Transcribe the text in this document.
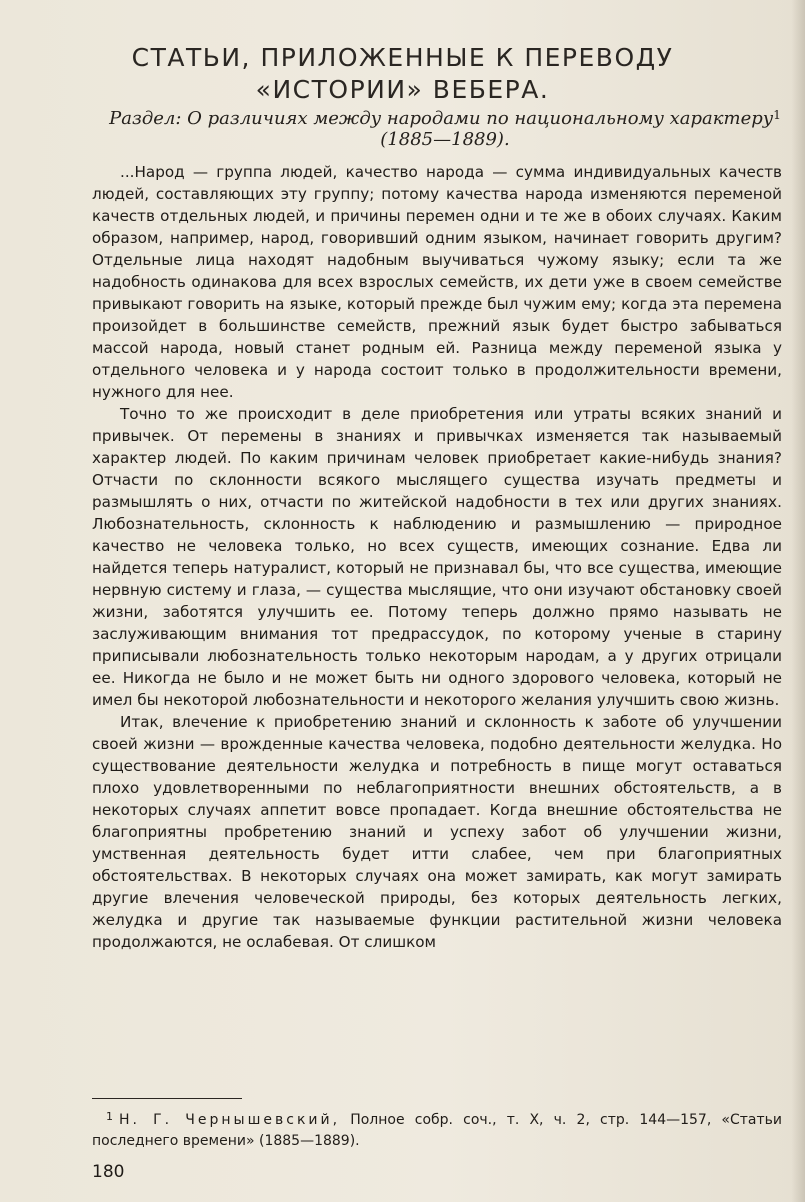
СТАТЬИ, ПРИЛОЖЕННЫЕ К ПЕРЕВОДУ
«ИСТОРИИ» ВЕБЕРА.
Раздел: О различиях между народами по национальному характеру$^1$
(1885—1889).

...Народ — группа людей, качество народа — сумма индивидуальных качеств людей, составляющих эту группу; потому качества народа изменяются переменой качеств отдельных людей, и причины перемен одни и те же в обоих случаях. Каким образом, например, народ, говоривший одним языком, начинает говорить другим? Отдельные лица находят надобным выучиваться чужому языку; если та же надобность одинакова для всех взрослых семейств, их дети уже в своем семействе привыкают говорить на языке, который прежде был чужим ему; когда эта перемена произойдет в большинстве семейств, прежний язык будет быстро забываться массой народа, новый станет родным ей. Разница между переменой языка у отдельного человека и у народа состоит только в продолжительности времени, нужного для нее.

Точно то же происходит в деле приобретения или утраты всяких знаний и привычек. От перемены в знаниях и привычках изменяется так называемый характер людей. По каким причинам человек приобретает какие-нибудь знания? Отчасти по склонности всякого мыслящего существа изучать предметы и размышлять о них, отчасти по житейской надобности в тех или других знаниях. Любознательность, склонность к наблюдению и размышлению — природное качество не человека только, но всех существ, имеющих сознание. Едва ли найдется теперь натуралист, который не признавал бы, что все существа, имеющие нервную систему и глаза, — существа мыслящие, что они изучают обстановку своей жизни, заботятся улучшить ее. Потому теперь должно прямо называть не заслуживающим внимания тот предрассудок, по которому ученые в старину приписывали любознательность только некоторым народам, а у других отрицали ее. Никогда не было и не может быть ни одного здорового человека, который не имел бы некоторой любознательности и некоторого желания улучшить свою жизнь.

Итак, влечение к приобретению знаний и склонность к заботе об улучшении своей жизни — врожденные качества человека, подобно деятельности желудка. Но существование деятельности желудка и потребность в пище могут оставаться плохо удовлетворенными по неблагоприятности внешних обстоятельств, а в некоторых случаях аппетит вовсе пропадает. Когда внешние обстоятельства не благоприятны пробретению знаний и успеху забот об улучшении жизни, умственная деятельность будет итти слабее, чем при благоприятных обстоятельствах. В некоторых случаях она может замирать, как могут замирать другие влечения человеческой природы, без которых деятельность легких, желудка и другие так называемые функции растительной жизни человека продолжаются, не ослабевая. От слишком

$^1$ Н. Г. Чернышевский, Полное собр. соч., т. X, ч. 2, стр. 144—157, «Статьи последнего времени» (1885—1889).
180
